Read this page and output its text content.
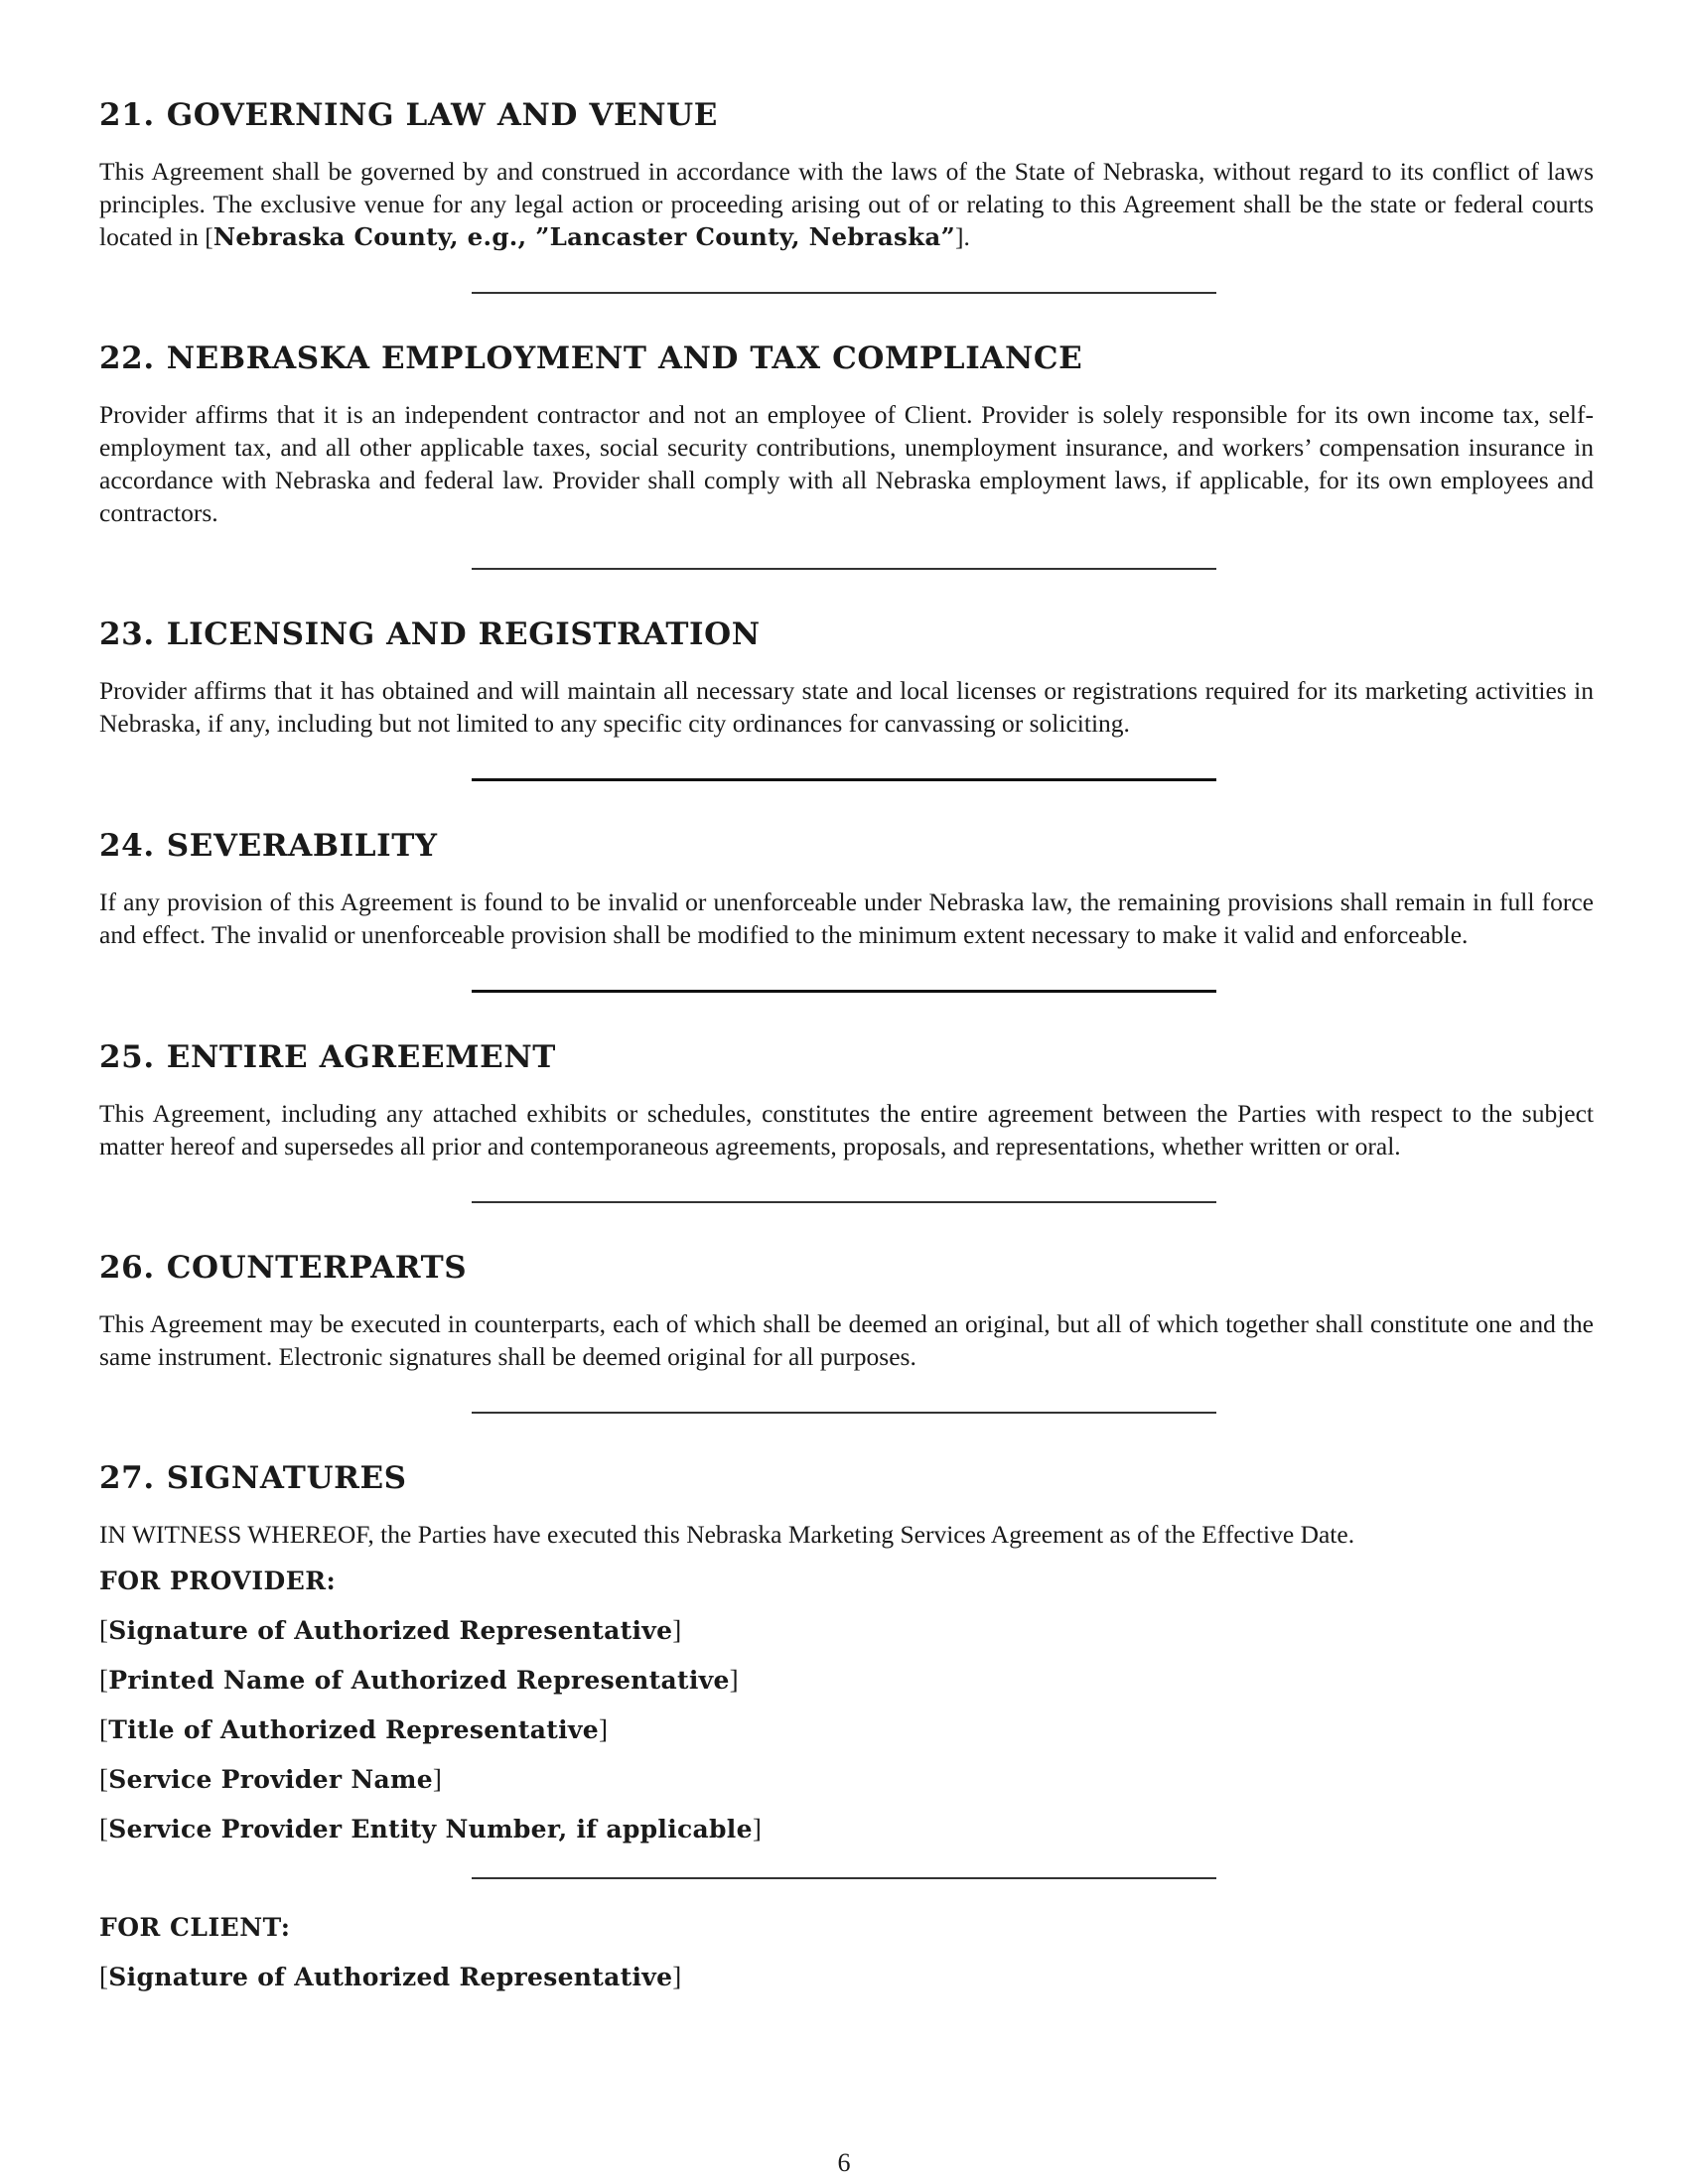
21. GOVERNING LAW AND VENUE

This Agreement shall be governed by and construed in accordance with the laws of the State of Nebraska, without regard to its conflict of laws principles. The exclusive venue for any legal action or proceeding arising out of or relating to this Agreement shall be the state or federal courts located in [Nebraska County, e.g., ”Lancaster County, Nebraska”].

22. NEBRASKA EMPLOYMENT AND TAX COMPLIANCE

Provider affirms that it is an independent contractor and not an employee of Client. Provider is solely responsible for its own income tax, self-employment tax, and all other applicable taxes, social security contributions, unemployment insurance, and workers’ compensation insurance in accordance with Nebraska and federal law. Provider shall comply with all Nebraska employment laws, if applicable, for its own employees and contractors.

23. LICENSING AND REGISTRATION

Provider affirms that it has obtained and will maintain all necessary state and local licenses or registrations required for its marketing activities in Nebraska, if any, including but not limited to any specific city ordinances for canvassing or soliciting.

24. SEVERABILITY

If any provision of this Agreement is found to be invalid or unenforceable under Nebraska law, the remaining provisions shall remain in full force and effect. The invalid or unenforceable provision shall be modified to the minimum extent necessary to make it valid and enforceable.

25. ENTIRE AGREEMENT

This Agreement, including any attached exhibits or schedules, constitutes the entire agreement between the Parties with respect to the subject matter hereof and supersedes all prior and contemporaneous agreements, proposals, and representations, whether written or oral.

26. COUNTERPARTS

This Agreement may be executed in counterparts, each of which shall be deemed an original, but all of which together shall constitute one and the same instrument. Electronic signatures shall be deemed original for all purposes.

27. SIGNATURES

IN WITNESS WHEREOF, the Parties have executed this Nebraska Marketing Services Agreement as of the Effective Date.

FOR PROVIDER:
[Signature of Authorized Representative]
[Printed Name of Authorized Representative]
[Title of Authorized Representative]
[Service Provider Name]
[Service Provider Entity Number, if applicable]
FOR CLIENT:
[Signature of Authorized Representative]
6
